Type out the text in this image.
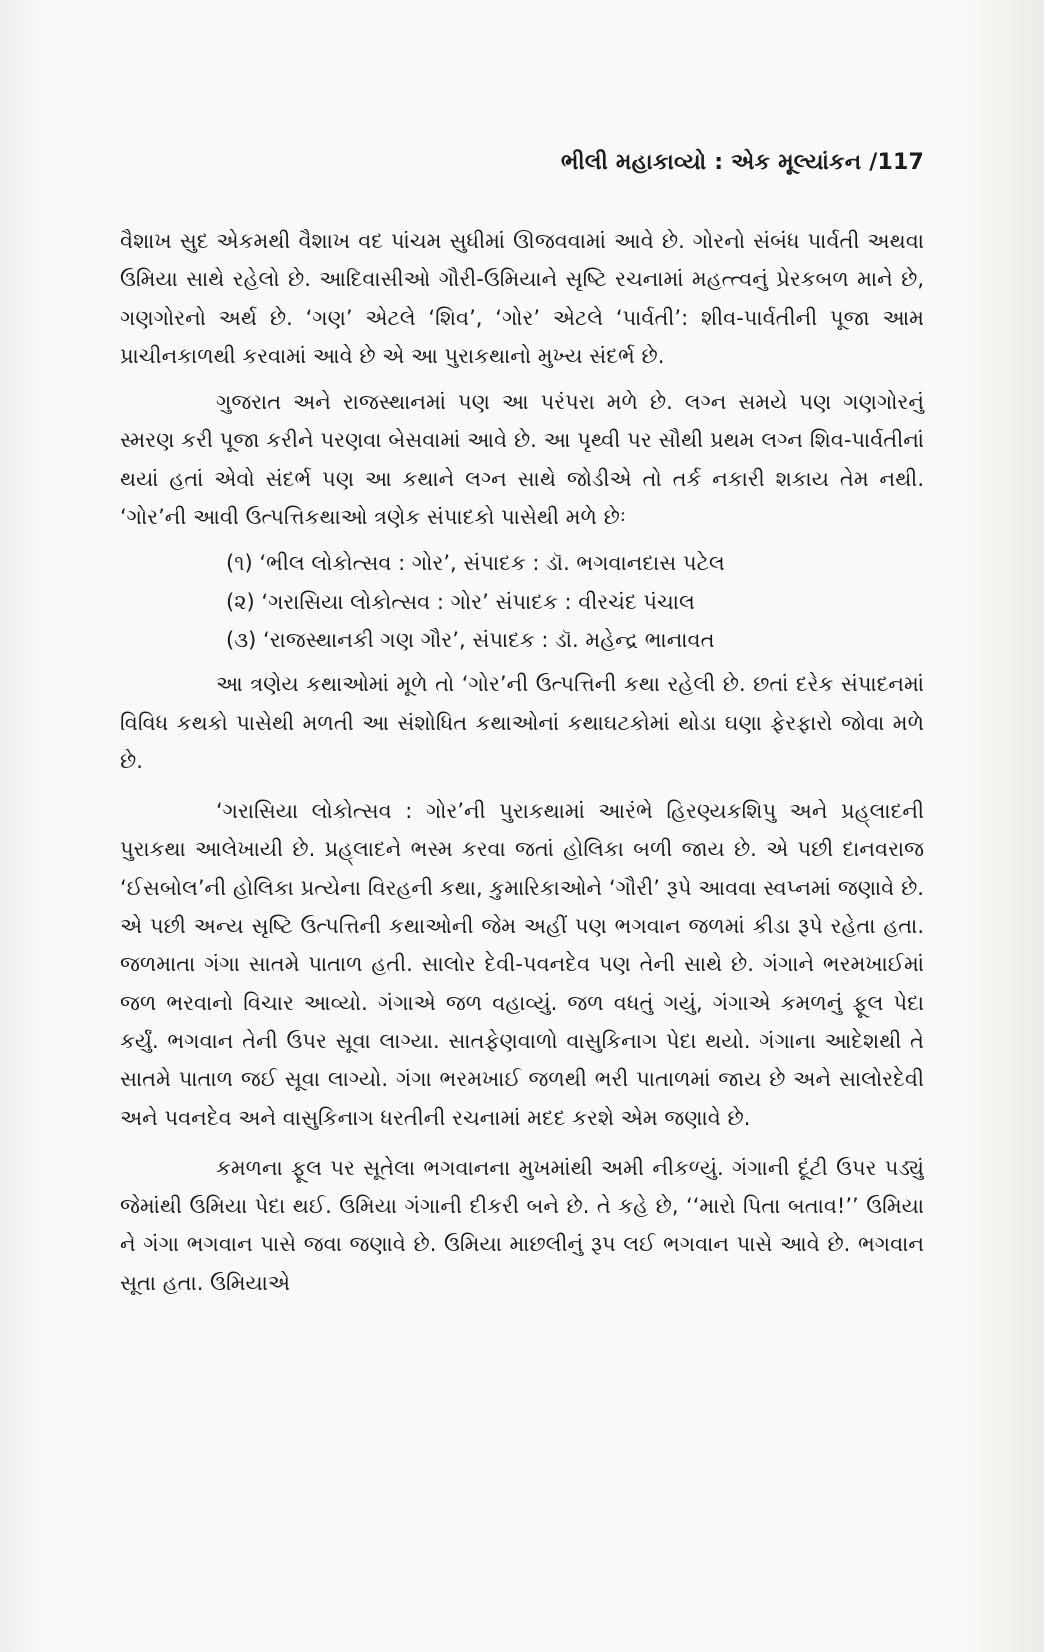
ભીલી મહાકાવ્યો : એક મૂલ્યાંકન /117

વૈશાખ સુદ એકમથી વૈશાખ વદ પાંચમ સુધીમાં ઊજવવામાં આવે છે. ગોરનો સંબંધ પાર્વતી અથવા ઉમિયા સાથે રહેલો છે. આદિવાસીઓ ગૌરી-ઉમિયાને સૃષ્ટિ રચનામાં મહત્ત્વનું પ્રેરકબળ માને છે, ગણગોરનો અર્થ છે. ‘ગણ’ એટલે ‘શિવ’, ‘ગોર’ એટલે ‘પાર્વતી’: શીવ-પાર્વતીની પૂજા આમ પ્રાચીનકાળથી કરવામાં આવે છે એ આ પુરાકથાનો મુખ્ય સંદર્ભ છે.

ગુજરાત અને રાજસ્થાનમાં પણ આ પરંપરા મળે છે. લગ્ન સમયે પણ ગણગોરનું સ્મરણ કરી પૂજા કરીને પરણવા બેસવામાં આવે છે. આ પૃથ્વી પર સૌથી પ્રથમ લગ્ન શિવ-પાર્વતીનાં થયાં હતાં એવો સંદર્ભ પણ આ કથાને લગ્ન સાથે જોડીએ તો તર્ક નકારી શકાય તેમ નથી. ‘ગોર’ની આવી ઉત્પત્તિકથાઓ ત્રણેક સંપાદકો પાસેથી મળે છેઃ

(૧) ‘ભીલ લોકોત્સવ : ગોર’, સંપાદક : ડૉ. ભગવાનદાસ પટેલ
(૨) ‘ગરાસિયા લોકોત્સવ : ગોર’ સંપાદક : વીરચંદ પંચાલ
(૩) ‘રાજસ્થાનકી ગણ ગૌર’, સંપાદક : ડૉ. મહેન્દ્ર ભાનાવત

આ ત્રણેય કથાઓમાં મૂળે તો ‘ગોર’ની ઉત્પત્તિની કથા રહેલી છે. છતાં દરેક સંપાદનમાં વિવિધ કથકો પાસેથી મળતી આ સંશોધિત કથાઓનાં કથાઘટકોમાં થોડા ઘણા ફેરફારો જોવા મળે છે.

‘ગરાસિયા લોકોત્સવ : ગોર’ની પુરાકથામાં આરંભે હિરણ્યકશિપુ અને પ્રહ્‌લાદની પુરાકથા આલેખાયી છે. પ્રહ્‌લાદને ભસ્મ કરવા જતાં હોલિકા બળી જાય છે. એ પછી દાનવરાજ ‘ઈસબોલ’ની હોલિકા પ્રત્યેના વિરહની કથા, કુમારિકાઓને ‘ગૌરી’ રૂપે આવવા સ્વપ્નમાં જણાવે છે. એ પછી અન્ય સૃષ્ટિ ઉત્પત્તિની કથાઓની જેમ અહીં પણ ભગવાન જળમાં કીડા રૂપે રહેતા હતા. જળમાતા ગંગા સાતમે પાતાળ હતી. સાલોર દેવી-પવનદેવ પણ તેની સાથે છે. ગંગાને ભરમખાઈમાં જળ ભરવાનો વિચાર આવ્યો. ગંગાએ જળ વહાવ્યું. જળ વધતું ગયું, ગંગાએ કમળનું ફૂલ પેદા કર્યું. ભગવાન તેની ઉપર સૂવા લાગ્યા. સાતફેણવાળો વાસુકિનાગ પેદા થયો. ગંગાના આદેશથી તે સાતમે પાતાળ જઈ સૂવા લાગ્યો. ગંગા ભરમખાઈ જળથી ભરી પાતાળમાં જાય છે અને સાલોરદેવી અને પવનદેવ અને વાસુકિનાગ ધરતીની રચનામાં મદદ કરશે એમ જણાવે છે.

કમળના ફૂલ પર સૂતેલા ભગવાનના મુખમાંથી અમી નીકળ્યું. ગંગાની દૂંટી ઉપર પડ્યું જેમાંથી ઉમિયા પેદા થઈ. ઉમિયા ગંગાની દીકરી બને છે. તે કહે છે, ‘‘મારો પિતા બતાવ!’’ ઉમિયા ને ગંગા ભગવાન પાસે જવા જણાવે છે. ઉમિયા માછલીનું રૂપ લઈ ભગવાન પાસે આવે છે. ભગવાન સૂતા હતા. ઉમિયાએ
